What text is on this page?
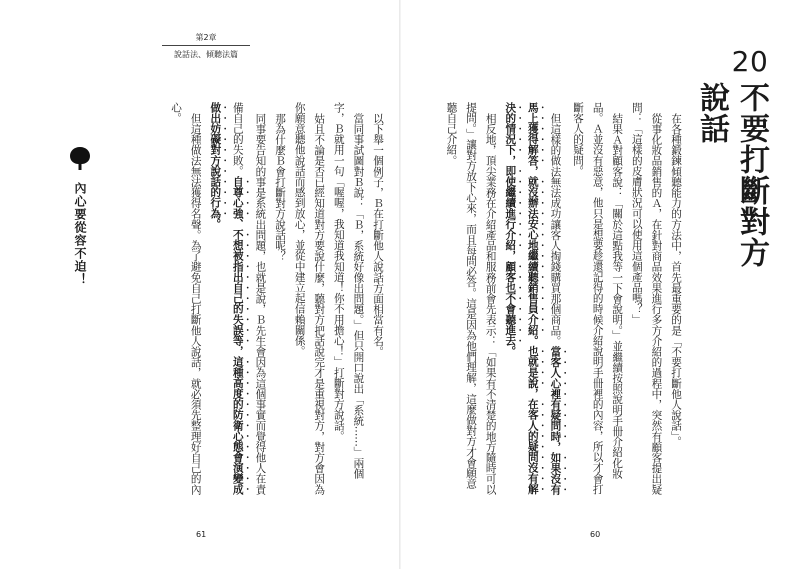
第2章
說話法、傾聽法篇

以下舉一個例子，Ｂ在打斷他人說話方面相當有名。

當同事試圖對Ｂ說：「Ｂ，系統好像出問題。」但只開口說出「系統……」兩個字，Ｂ就用一句「喔喔，我知道我知道！你不用擔心！」打斷對方說話。

姑且不論是否已經知道對方要說什麼，聽對方把話說完才是重視對方，對方會因為你願意聽他說話而感到放心，並從中建立起信賴關係。

那為什麼Ｂ會打斷對方說話呢？

同事要告知的事是系統出問題，也就是說，Ｂ先生會因為這個事實而覺得他人在責備自己的失敗。自尊心強、不想被指出自己的失誤等，這種高度的防衛心態會演變成做出妨礙對方說話的行為。

但這種做法無法獲得名聲。為了避免自己打斷他人說話，就必須先整理好自己的內心。

內心要從容不迫！
61
20
不要打斷對方說話

在各種鍛鍊傾聽能力的方法中，首先最重要的是「不要打斷他人說話」。

從事化妝品銷售的Ａ，在針對商品效果進行多方介紹的過程中，突然有顧客提出疑問：「這樣的皮膚狀況可以使用這個產品嗎？」

結果Ａ對顧客說：「關於這點我等一下會說明。」並繼續按照說明手冊介紹化妝品。Ａ並沒有惡意，他只是想要趁還記得的時候介紹說明手冊裡的內容，所以才會打斷客人的疑問。

但這樣的做法無法成功讓客人掏錢購買那個商品。當客人心裡有疑問時，如果沒有馬上獲得解答，就沒辦法安心地繼續聽銷售員介紹。也就是說，在客人的疑問沒有解決的情況下，即使繼續進行介紹，顧客也不會聽進去。

相反地，頂尖業務在介紹產品和服務前會先表示：「如果有不清楚的地方隨時可以提問。」讓對方放下心來，而且每問必答。這是因為他們理解，這麼做對方才會願意聽自己介紹。

60
